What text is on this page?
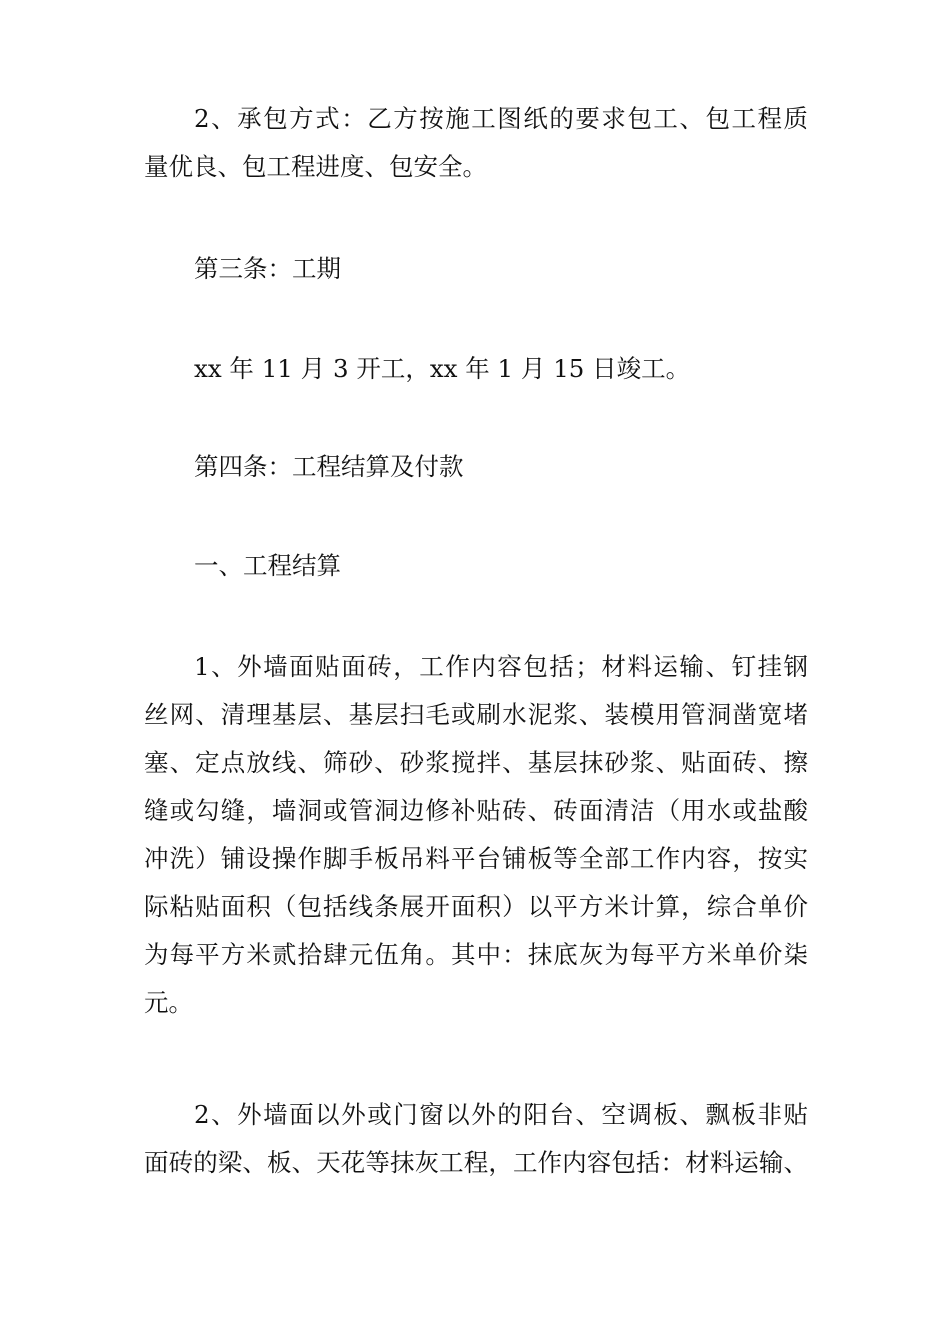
2、承包方式：乙方按施工图纸的要求包工、包工程质
量优良、包工程进度、包安全。
第三条：工期
xx 年 11 月 3 开工，xx 年 1 月 15 日竣工。
第四条：工程结算及付款
一、工程结算
1、外墙面贴面砖，工作内容包括；材料运输、钉挂钢
丝网、清理基层、基层扫毛或刷水泥浆、装模用管洞凿宽堵
塞、定点放线、筛砂、砂浆搅拌、基层抹砂浆、贴面砖、擦
缝或勾缝，墙洞或管洞边修补贴砖、砖面清洁（用水或盐酸
冲洗）铺设操作脚手板吊料平台铺板等全部工作内容，按实
际粘贴面积（包括线条展开面积）以平方米计算，综合单价
为每平方米贰拾肆元伍角。其中：抹底灰为每平方米单价柒
元。
2、外墙面以外或门窗以外的阳台、空调板、飘板非贴
面砖的梁、板、天花等抹灰工程，工作内容包括：材料运输、
